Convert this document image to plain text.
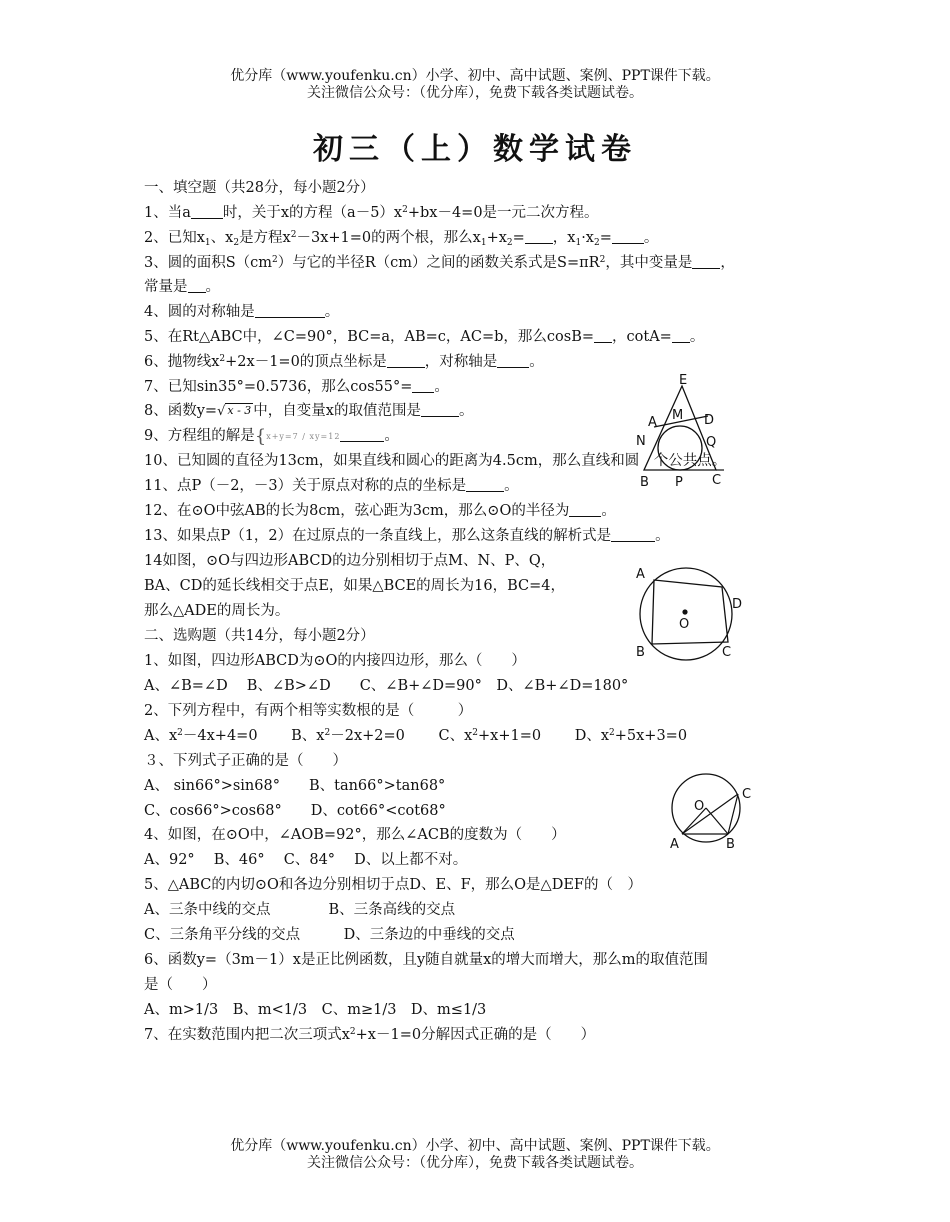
优分库（www.youfenku.cn）小学、初中、高中试题、案例、PPT课件下载。
关注微信公众号：（优分库），免费下载各类试题试卷。
初三（上）数学试卷
一、填空题（共28分，每小题2分）
1、当a 时，关于x的方程$(a-5)x^2+bx-4=0$是一元二次方程。
2、已知$x_1$、$x_2$是方程$x^2-3x+1=0$的两个根，那么$x_1+x_2=$ ，$x_1\cdot x_2=$ 。
3、圆的面积$S(cm^2)$与它的半径R（cm）之间的函数关系式是$S=\pi R^2$，其中变量是 ，
常量是 。
4、圆的对称轴是	。
5、在Rt△ABC中，∠C=90°，BC=a，AB=c，AC=b，那么cosB= ，cotA= 。
6、抛物线$x^2+2x-1=0$的顶点坐标是	，对称轴是 。
7、已知sin35°=0.5736，那么cos55°= 。
8、函数y=√ x - 3 中，自变量x的取值范围是	。
9、方程组的解是{x+y=7 / xy=12	。
10、已知圆的直径为13cm，如果直线和圆心的距离为4.5cm，那么直线和圆　个公共点。
11、点P（－2，－3）关于原点对称的点的坐标是	。
12、在⊙O中弦AB的长为8cm，弦心距为3cm，那么⊙O的半径为 。
13、如果点P（1，2）在过原点的一条直线上，那么这条直线的解析式是	。
14如图，⊙O与四边形ABCD的边分别相切于点M、N、P、Q，
BA、CD的延长线相交于点E，如果△BCE的周长为16，BC=4，
那么△ADE的周长为。
二、选购题（共14分，每小题2分）
1、如图，四边形ABCD为⊙O的内接四边形，那么（　　）
A、∠B=∠D　 B、∠B>∠D　　C、∠B+∠D=90°　D、∠B+∠D=180°
2、下列方程中，有两个相等实数根的是（　　　）
A、$x^2-4x+4=0$　　 B、$x^2-2x+2=0$　　 C、$x^2+x+1=0$　　 D、$x^2+5x+3=0$
３、下列式子正确的是（　　）
A、 sin66°>sin68°　　B、tan66°>tan68°
C、cos66°>cos68°　　D、cot66°<cot68°
4、如图，在⊙O中，∠AOB=92°，那么∠ACB的度数为（　　）
A、92°　 B、46°　 C、84°　 D、以上都不对。
5、△ABC的内切⊙O和各边分别相切于点D、E、F，那么O是△DEF的（　）
A、三条中线的交点　　　　B、三条高线的交点
C、三条角平分线的交点　　　D、三条边的中垂线的交点
6、函数y=（3m－1）x是正比例函数，且y随自就量x的增大而增大，那么m的取值范围
是（　　）
A、m>1/3　B、m<1/3　C、m≥1/3　D、m≤1/3
7、在实数范围内把二次三项式$x^2+x-1=0$分解因式正确的是（　　）
E
M
A	D
N	Q
B P C
A
D
O
B	C
O
C
A	B
优分库（www.youfenku.cn）小学、初中、高中试题、案例、PPT课件下载。
关注微信公众号：（优分库），免费下载各类试题试卷。
